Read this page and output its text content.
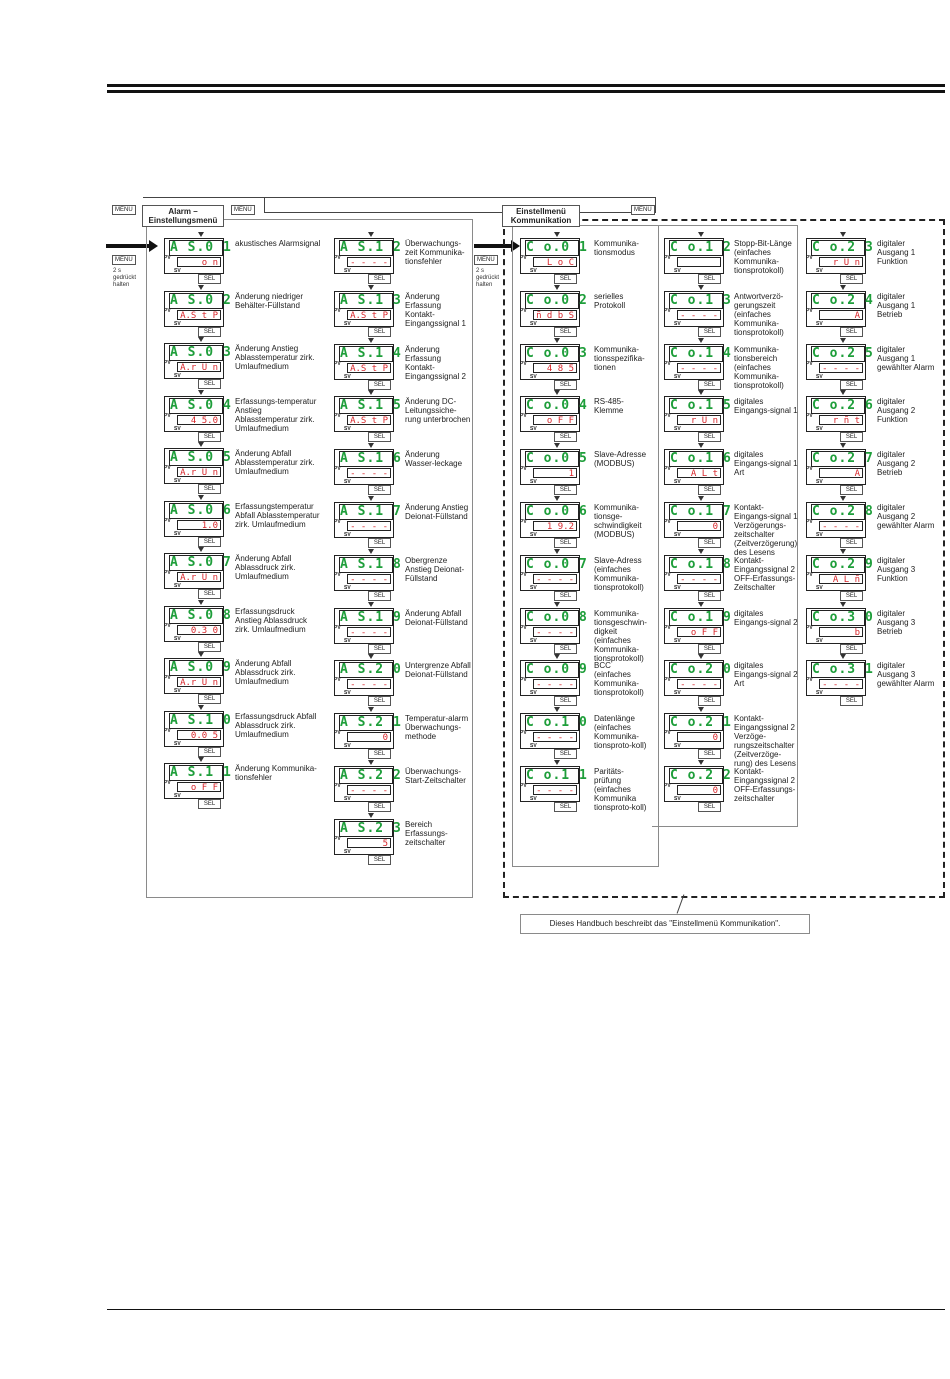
MENU	MENU	MENU
MENU	MENU
2 s
gedrückt
halten
2 s
gedrückt
halten
Alarm –
Einstellungsmenü
Einstellmenü
Kommunikation
Dieses Handbuch beschreibt das "Einstellmenü Kommunikation".
A S.0 1
o n
PV
SV
SEL
akustisches Alarmsignal
A S.0 2
A.S t P
PV
SV
SEL
Änderung niedriger Behälter-Füllstand
A S.0 3
A.r U n
PV
SV
SEL
Änderung Anstieg Ablasstemperatur zirk. Umlaufmedium
A S.0 4
4 5.0
PV
SV
SEL
Erfassungs-temperatur Anstieg Ablasstemperatur zirk. Umlaufmedium
A S.0 5
A.r U n
PV
SV
SEL
Änderung Abfall Ablasstemperatur zirk. Umlaufmedium
A S.0 6
1.0
PV
SV
SEL
Erfassungstemperatur Abfall Ablasstemperatur zirk. Umlaufmedium
A S.0 7
A.r U n
PV
SV
SEL
Änderung Abfall Ablassdruck zirk. Umlaufmedium
A S.0 8
0.3 0
PV
SV
SEL
Erfassungsdruck Anstieg Ablassdruck zirk. Umlaufmedium
A S.0 9
A.r U n
PV
SV
SEL
Änderung Abfall Ablassdruck zirk. Umlaufmedium
A S.1 0
0.0 5
PV
SV
SEL
Erfassungsdruck Abfall Ablassdruck zirk. Umlaufmedium
A S.1 1
o F F
PV
SV
SEL
Änderung Kommunika-tionsfehler
A S.1 2
- - - -
PV
SV
SEL
Überwachungs-zeit Kommunika-tionsfehler
A S.1 3
A.S t P
PV
SV
SEL
Änderung Erfassung Kontakt-Eingangssignal 1
A S.1 4
A.S t P
PV
SV
SEL
Änderung Erfassung Kontakt-Eingangssignal 2
A S.1 5
A.S t P
PV
SV
SEL
Änderung DC-Leitungssiche-rung unterbrochen
A S.1 6
- - - -
PV
SV
SEL
Änderung Wasser-leckage
A S.1 7
- - - -
PV
SV
SEL
Änderung Anstieg Deionat-Füllstand
A S.1 8
- - - -
PV
SV
SEL
Obergrenze Anstieg Deionat-Füllstand
A S.1 9
- - - -
PV
SV
SEL
Änderung Abfall Deionat-Füllstand
A S.2 0
- - - -
PV
SV
SEL
Untergrenze Abfall Deionat-Füllstand
A S.2 1
0
PV
SV
SEL
Temperatur-alarm Überwachungs-methode
A S.2 2
- - - -
PV
SV
SEL
Überwachungs-Start-Zeitschalter
A S.2 3
5
PV
SV
SEL
Bereich Erfassungs-zeitschalter
C o.0 1
L o C
PV
SV
SEL
Kommunika-tionsmodus
C o.0 2
ñ d b S
PV
SV
SEL
serielles Protokoll
C o.0 3
4 8 5
PV
SV
SEL
Kommunika-tionsspezifika-tionen
C o.0 4
o F F
PV
SV
SEL
RS-485-Klemme
C o.0 5
1
PV
SV
SEL
Slave-Adresse (MODBUS)
C o.0 6
1 9.2
PV
SV
SEL
Kommunika-tionsge-schwindigkeit (MODBUS)
C o.0 7
- - - -
PV
SV
SEL
Slave-Adress (einfaches Kommunika-tionsprotokoll)
C o.0 8
- - - -
PV
SV
SEL
Kommunika-tionsgeschwin-digkeit (einfaches Kommunika-tionsprotokoll)
C o.0 9
- - - -
PV
SV
SEL
BCC (einfaches Kommunika-tionsprotokoll)
C o.1 0
- - - -
PV
SV
SEL
Datenlänge (einfaches Kommunika-tionsproto-koll)
C o.1 1
- - - -
PV
SV
SEL
Paritäts-prüfung (einfaches Kommunika tionsproto-koll)
C o.1 2
PV
SV
SEL
Stopp-Bit-Länge (einfaches Kommunika-tionsprotokoll)
C o.1 3
- - - -
PV
SV
SEL
Antwortverzö-gerungszeit (einfaches Kommunika-tionsprotokoll)
C o.1 4
- - - -
PV
SV
SEL
Kommunika-tionsbereich (einfaches Kommunika-tionsprotokoll)
C o.1 5
r U n
PV
SV
SEL
digitales Eingangs-signal 1
C o.1 6
A L t
PV
SV
SEL
digitales Eingangs-signal 1 Art
C o.1 7
0
PV
SV
SEL
Kontakt-Eingangs-signal 1 Verzögerungs-zeitschalter (Zeitverzögerung) des Lesens
C o.1 8
- - - -
PV
SV
SEL
Kontakt-Eingangssignal 2 OFF-Erfassungs-Zeitschalter
C o.1 9
o F F
PV
SV
SEL
digitales Eingangs-signal 2
C o.2 0
- - - -
PV
SV
SEL
digitales Eingangs-signal 2 Art
C o.2 1
0
PV
SV
SEL
Kontakt-Eingangssignal 2 Verzöge-rungszeitschalter (Zeitverzöge-rung) des Lesens
C o.2 2
0
PV
SV
SEL
Kontakt-Eingangssignal 2 OFF-Erfassungs-zeitschalter
C o.2 3
r U n
PV
SV
SEL
digitaler Ausgang 1 Funktion
C o.2 4
A
PV
SV
SEL
digitaler Ausgang 1 Betrieb
C o.2 5
- - - -
PV
SV
SEL
digitaler Ausgang 1 gewählter Alarm
C o.2 6
r ñ t
PV
SV
SEL
digitaler Ausgang 2 Funktion
C o.2 7
A
PV
SV
SEL
digitaler Ausgang 2 Betrieb
C o.2 8
- - - -
PV
SV
SEL
digitaler Ausgang 2 gewählter Alarm
C o.2 9
A L ñ
PV
SV
SEL
digitaler Ausgang 3 Funktion
C o.3 0
b
PV
SV
SEL
digitaler Ausgang 3 Betrieb
C o.3 1
- - - -
PV
SV
SEL
digitaler Ausgang 3 gewählter Alarm
